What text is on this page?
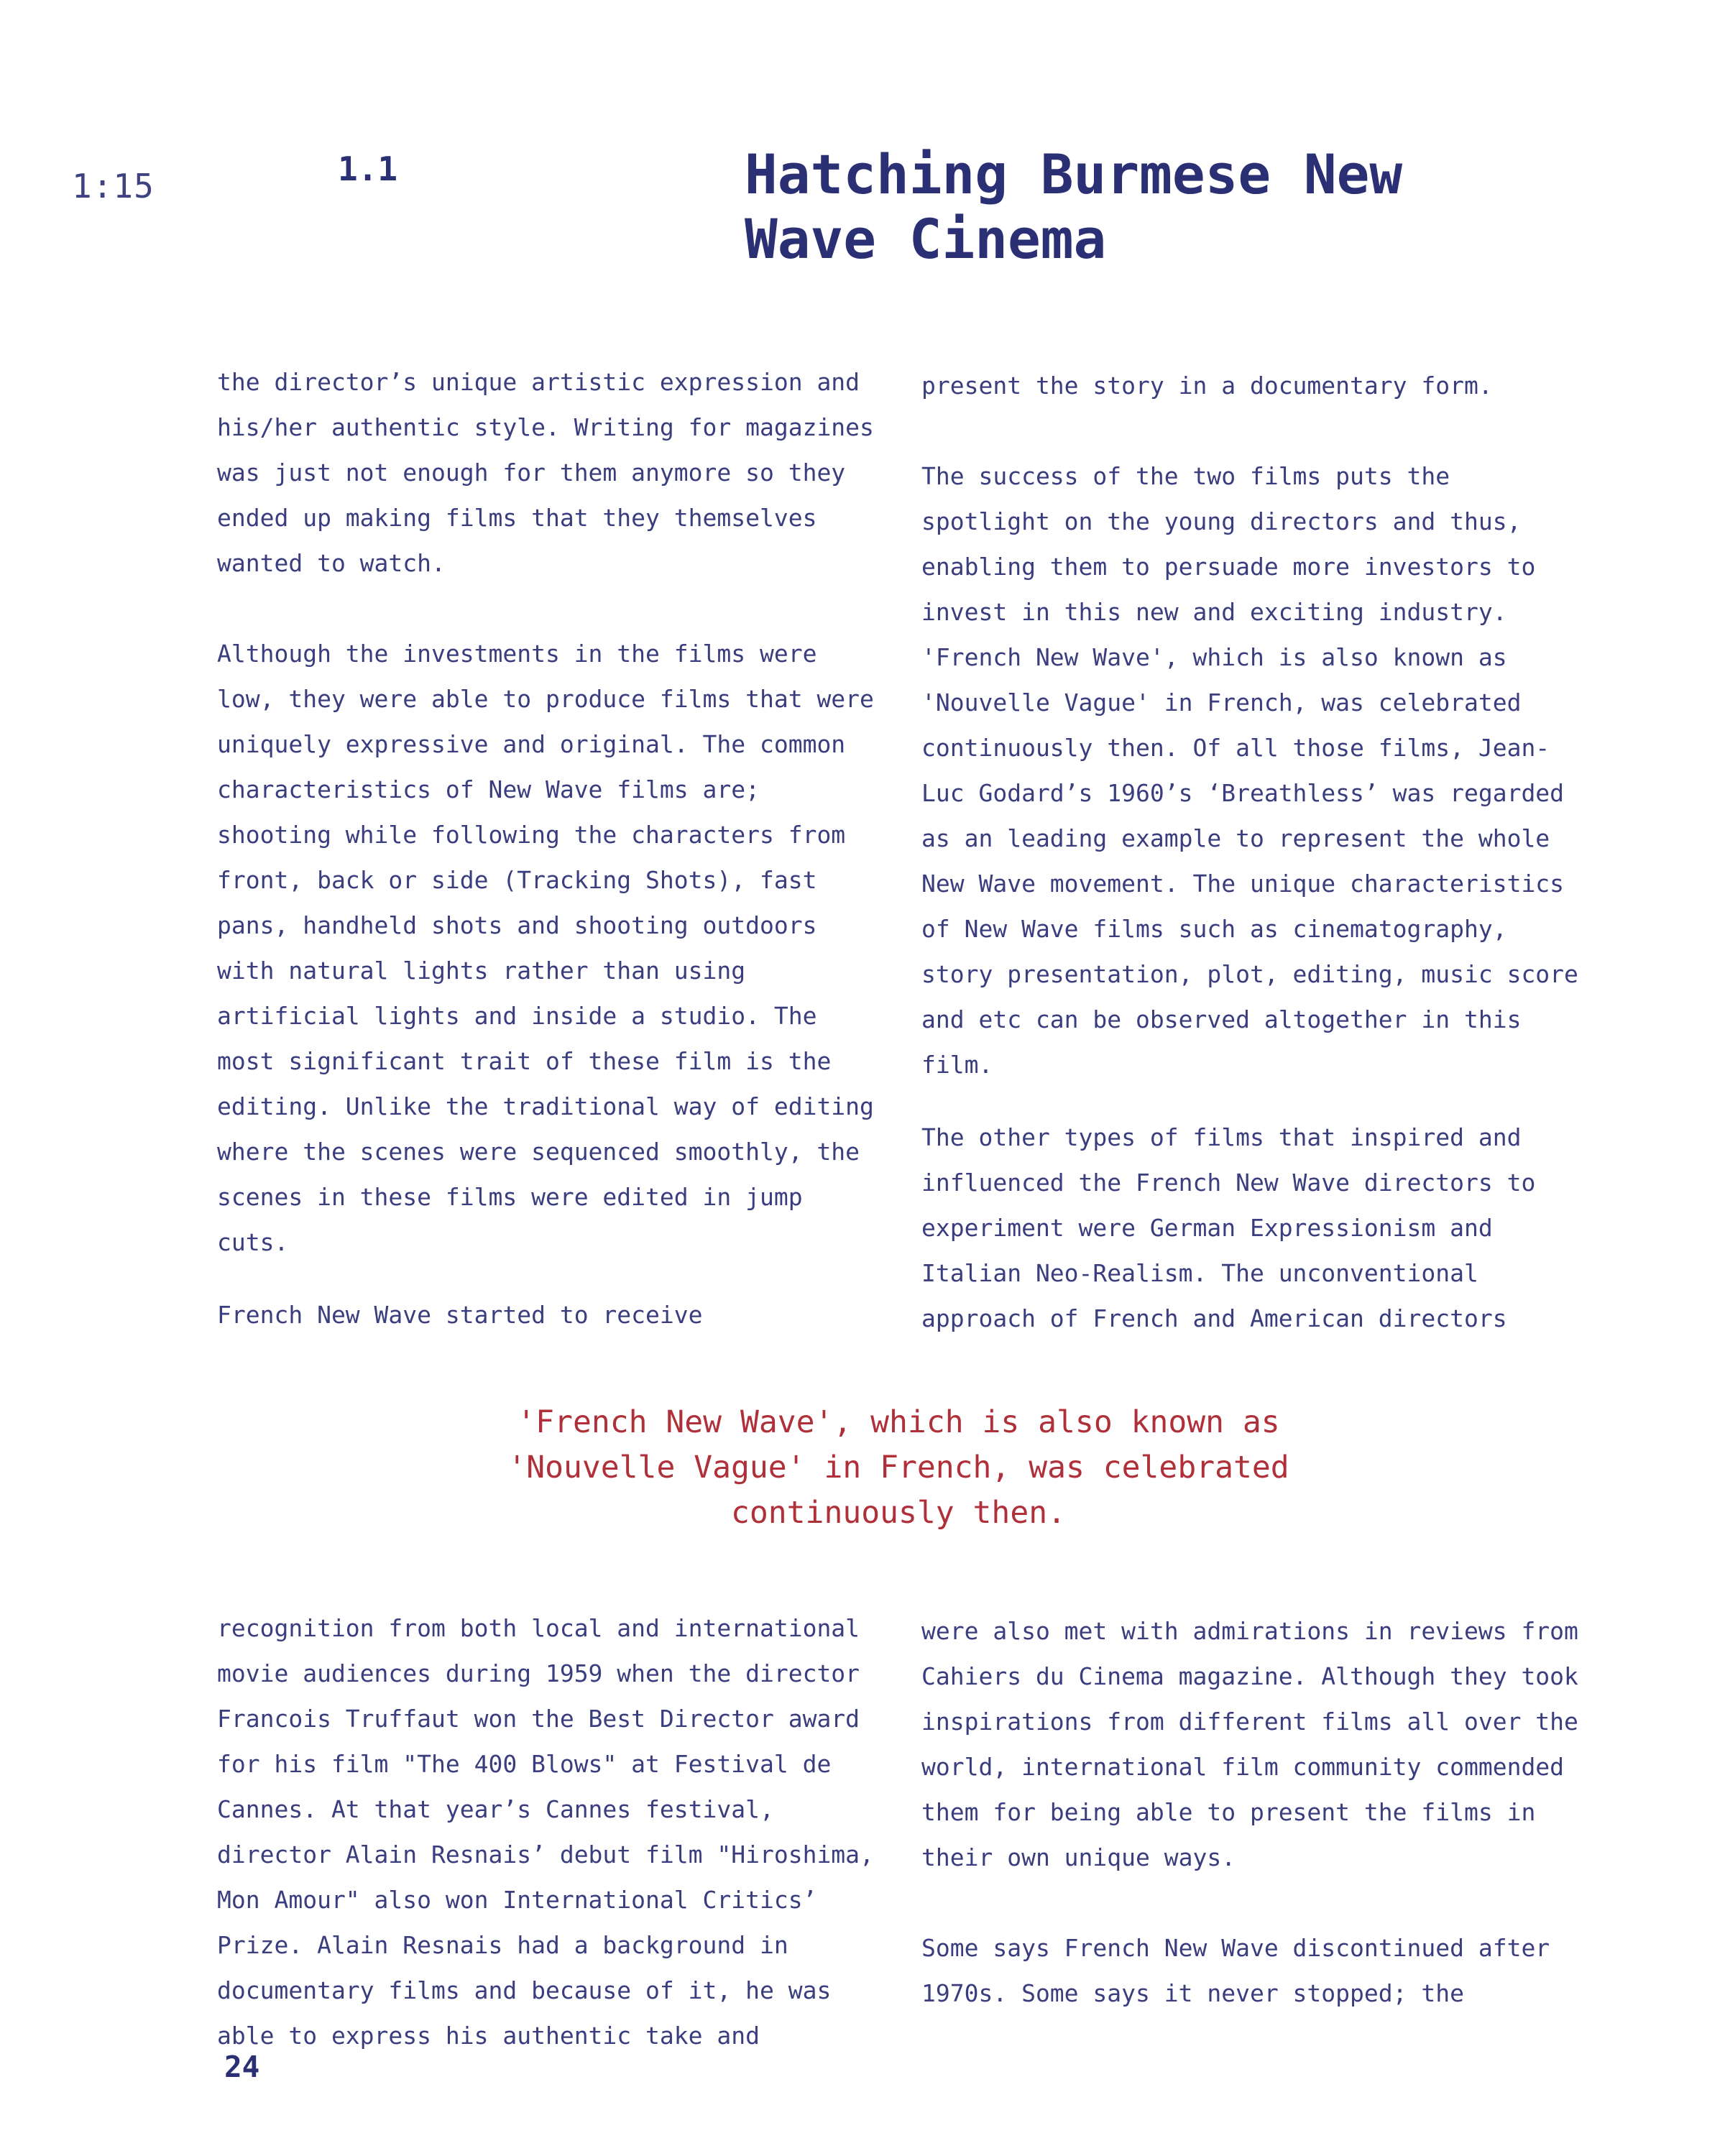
1:15	1.1	Hatching Burmese New Wave Cinema

the director’s unique artistic expression and his/her authentic style. Writing for magazines was just not enough for them anymore so they ended up making films that they themselves wanted to watch.

Although the investments in the films were low, they were able to produce films that were uniquely expressive and original. The common characteristics of New Wave films are; shooting while following the characters from front, back or side (Tracking Shots), fast pans, handheld shots and shooting outdoors with natural lights rather than using artificial lights and inside a studio. The most significant trait of these film is the editing. Unlike the traditional way of editing where the scenes were sequenced smoothly, the scenes in these films were edited in jump cuts.

French New Wave started to receive

present the story in a documentary form.

The success of the two films puts the spotlight on the young directors and thus, enabling them to persuade more investors to invest in this new and exciting industry. 'French New Wave', which is also known as 'Nouvelle Vague' in French, was celebrated continuously then. Of all those films, Jean-Luc Godard’s 1960’s ‘Breathless’ was regarded as an leading example to represent the whole New Wave movement. The unique characteristics of New Wave films such as cinematography, story presentation, plot, editing, music score and etc can be observed altogether in this film.

The other types of films that inspired and influenced the French New Wave directors to experiment were German Expressionism and Italian Neo-Realism. The unconventional approach of French and American directors

'French New Wave', which is also known as 'Nouvelle Vague' in French, was celebrated continuously then.

recognition from both local and international movie audiences during 1959 when the director Francois Truffaut won the Best Director award for his film "The 400 Blows" at Festival de Cannes. At that year’s Cannes festival, director Alain Resnais’ debut film "Hiroshima, Mon Amour" also won International Critics’ Prize. Alain Resnais had a background in documentary films and because of it, he was able to express his authentic take and

were also met with admirations in reviews from Cahiers du Cinema magazine. Although they took inspirations from different films all over the world, international film community commended them for being able to present the films in their own unique ways.

Some says French New Wave discontinued after 1970s. Some says it never stopped; the

24
